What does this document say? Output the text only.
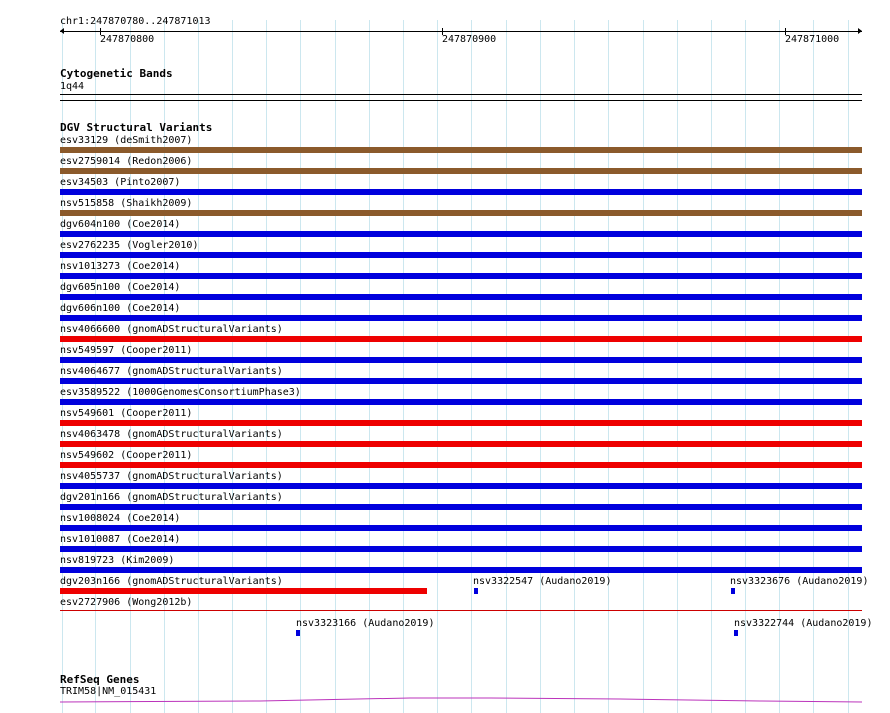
chr1:247870780..247871013
247870800	247870900	247871000
Cytogenetic Bands
1q44
DGV Structural Variants
esv33129 (deSmith2007)
esv2759014 (Redon2006)
esv34503 (Pinto2007)
nsv515858 (Shaikh2009)
dgv604n100 (Coe2014)
esv2762235 (Vogler2010)
nsv1013273 (Coe2014)
dgv605n100 (Coe2014)
dgv606n100 (Coe2014)
nsv4066600 (gnomADStructuralVariants)
nsv549597 (Cooper2011)
nsv4064677 (gnomADStructuralVariants)
esv3589522 (1000GenomesConsortiumPhase3)
nsv549601 (Cooper2011)
nsv4063478 (gnomADStructuralVariants)
nsv549602 (Cooper2011)
nsv4055737 (gnomADStructuralVariants)
dgv201n166 (gnomADStructuralVariants)
nsv1008024 (Coe2014)
nsv1010087 (Coe2014)
nsv819723 (Kim2009)
dgv203n166 (gnomADStructuralVariants)	nsv3322547 (Audano2019)	nsv3323676 (Audano2019)
esv2727906 (Wong2012b)
nsv3323166 (Audano2019)	nsv3322744 (Audano2019)
RefSeq Genes
TRIM58|NM_015431
